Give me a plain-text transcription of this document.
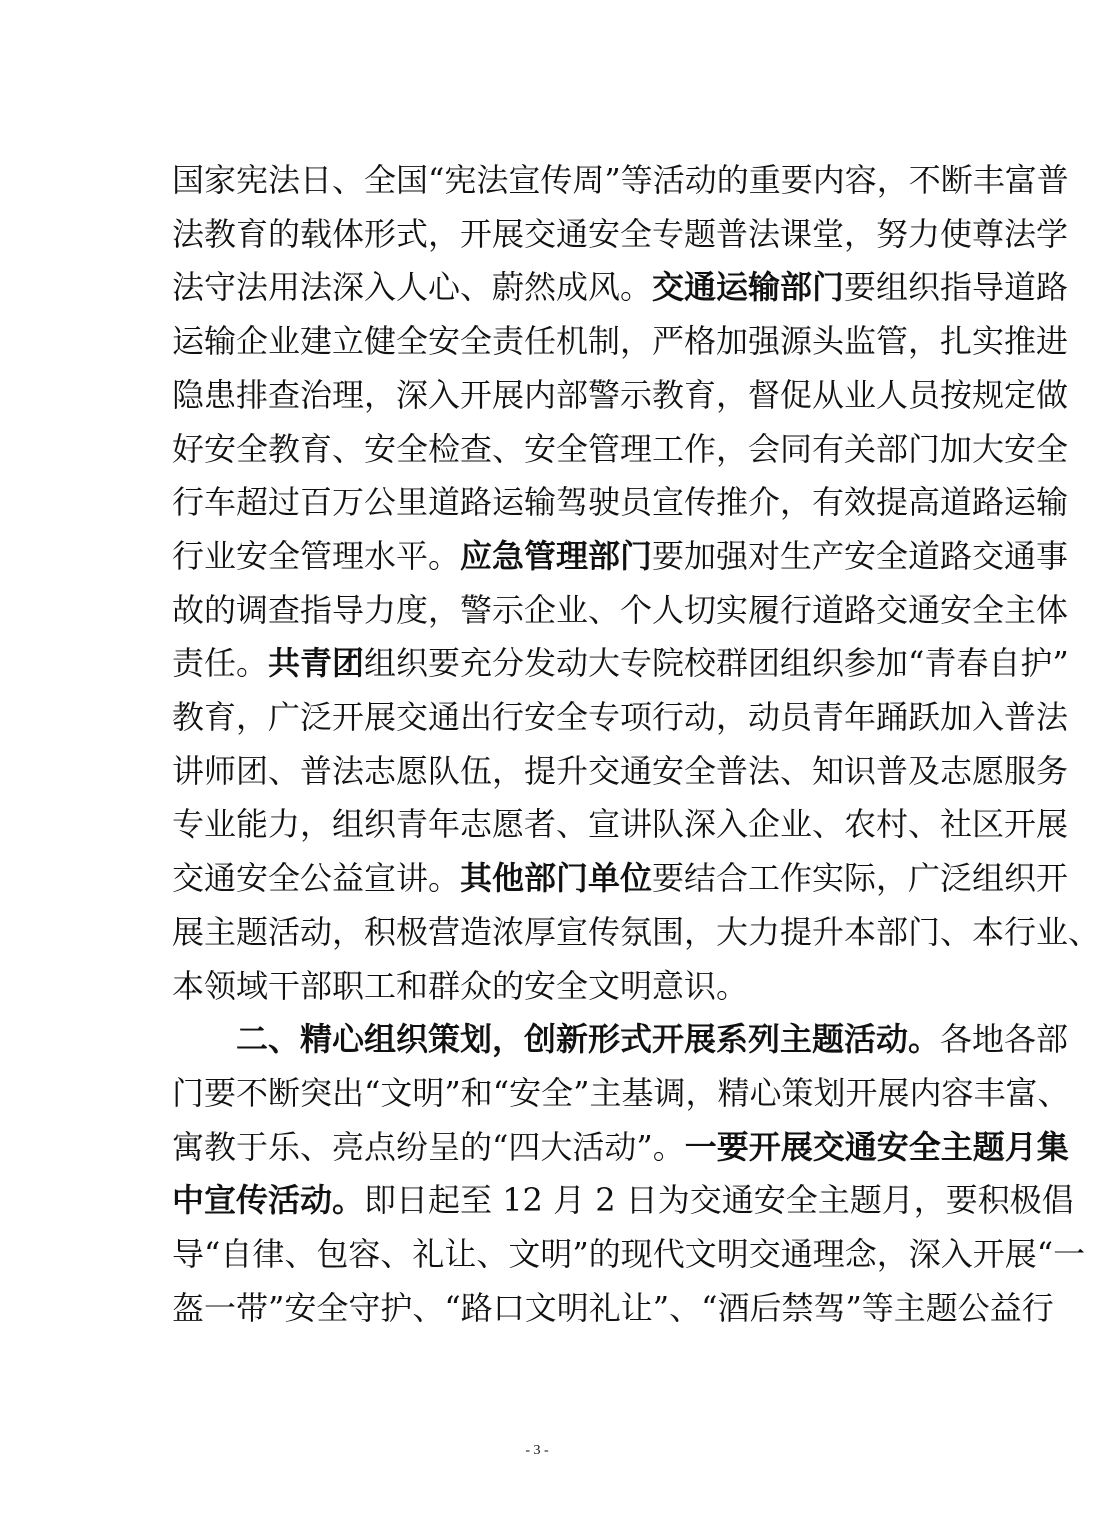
国家宪法日、全国“宪法宣传周”等活动的重要内容，不断丰富普
法教育的载体形式，开展交通安全专题普法课堂，努力使尊法学
法守法用法深入人心、蔚然成风。交通运输部门要组织指导道路
运输企业建立健全安全责任机制，严格加强源头监管，扎实推进
隐患排查治理，深入开展内部警示教育，督促从业人员按规定做
好安全教育、安全检查、安全管理工作，会同有关部门加大安全
行车超过百万公里道路运输驾驶员宣传推介，有效提高道路运输
行业安全管理水平。应急管理部门要加强对生产安全道路交通事
故的调查指导力度，警示企业、个人切实履行道路交通安全主体
责任。共青团组织要充分发动大专院校群团组织参加“青春自护”
教育，广泛开展交通出行安全专项行动，动员青年踊跃加入普法
讲师团、普法志愿队伍，提升交通安全普法、知识普及志愿服务
专业能力，组织青年志愿者、宣讲队深入企业、农村、社区开展
交通安全公益宣讲。其他部门单位要结合工作实际，广泛组织开
展主题活动，积极营造浓厚宣传氛围，大力提升本部门、本行业、
本领域干部职工和群众的安全文明意识。
　　二、精心组织策划，创新形式开展系列主题活动。各地各部
门要不断突出“文明”和“安全”主基调，精心策划开展内容丰富、
寓教于乐、亮点纷呈的“四大活动”。一要开展交通安全主题月集
中宣传活动。即日起至 12 月 2 日为交通安全主题月，要积极倡
导“自律、包容、礼让、文明”的现代文明交通理念，深入开展“一
盔一带”安全守护、“路口文明礼让”、“酒后禁驾”等主题公益行
- 3 -
